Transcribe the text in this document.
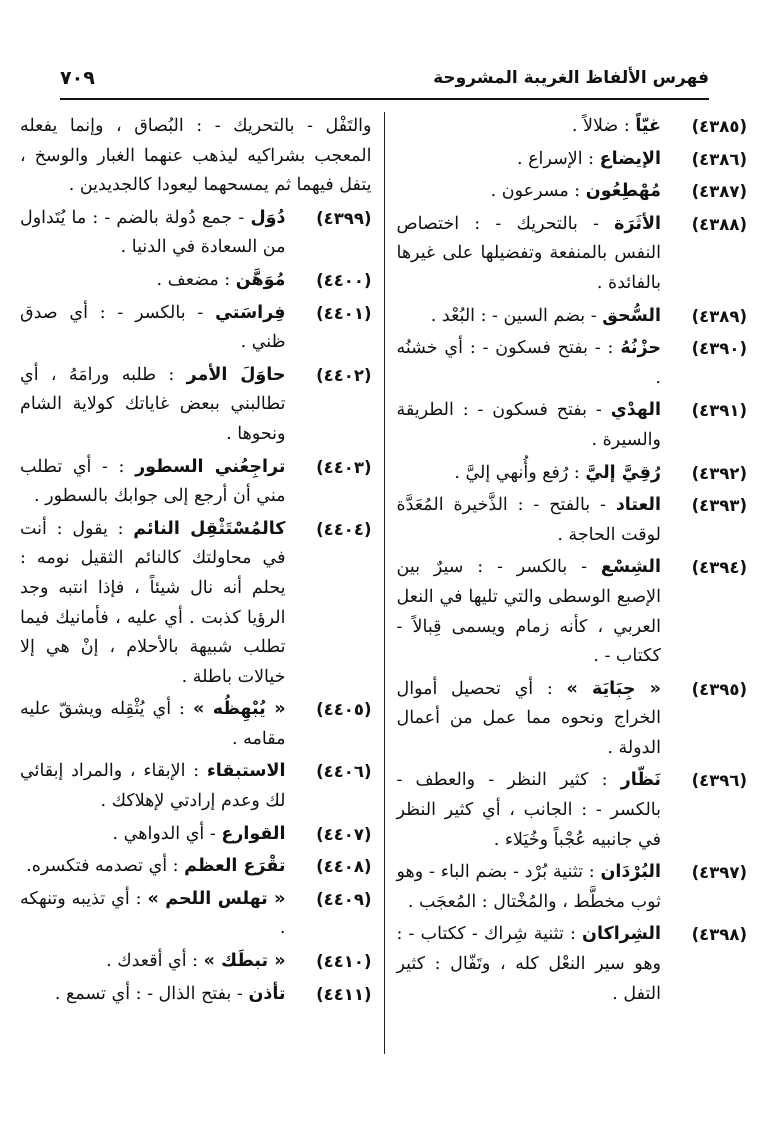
فهرس الألفاظ الغريبة المشروحة
٧٠٩
(٤٣٨٥)
غيّاً : ضلالاً .
(٤٣٨٦)
الإيضاع : الإسراع .
(٤٣٨٧)
مُهْطِعُون : مسرعون .
(٤٣٨٨)
الأثَرَة - بالتحريك - : اختصاص النفس بالمنفعة وتفضيلها على غيرها بالفائدة .
(٤٣٨٩)
السُّحق - بضم السين - : البُعْد .
(٤٣٩٠)
حزْنُهُ : - بفتح فسكون - : أي خشنُه .
(٤٣٩١)
الهدْي - بفتح فسكون - : الطريقة والسيرة .
(٤٣٩٢)
رُقِيَّ إليَّ : رُفع وأُنهي إليَّ .
(٤٣٩٣)
العتاد - بالفتح - : الذَّخيرة المُعَدَّة لوقت الحاجة .
(٤٣٩٤)
الشِسْع - بالكسر - : سيرٌ بين الإصبع الوسطى والتي تليها في النعل العربي ، كأنه زمام ويسمى قِبالاً - ككتاب - .
(٤٣٩٥)
« جِبَايَة » : أي تحصيل أموال الخراج ونحوه مما عمل من أعمال الدولة .
(٤٣٩٦)
نَظّار : كثير النظر - والعطف - بالكسر - : الجانب ، أي كثير النظر في جانبيه عُجْباً وخُيَلاء .
(٤٣٩٧)
البُرْدَان : تثنية بُرْد - بضم الباء - وهو ثوب مخطَّط ، والمُخْتال : المُعجَب .
(٤٣٩٨)
الشِراكان : تثنية شِراك - ككتاب - : وهو سير النعْل كله ، وتَفّال : كثير التفل .
والتَفْل - بالتحريك - : البُصاق ، وإنما يفعله المعجب بشراكيه ليذهب عنهما الغبار والوسخ ، يتفل فيهما ثم يمسحهما ليعودا كالجديدين .
(٤٣٩٩)
دُوَل - جمع دُولة بالضم - : ما يُتَداول من السعادة في الدنيا .
(٤٤٠٠)
مُوَهَّن : مضعف .
(٤٤٠١)
فِراسَتي - بالكسر - : أي صدق ظني .
(٤٤٠٢)
حاوَلَ الأمر : طلبه ورامَهُ ، أي تطالبني ببعض غاياتك كولاية الشام ونحوها .
(٤٤٠٣)
تراجِعُني السطور : - أي تطلب مني أن أرجع إلى جوابك بالسطور .
(٤٤٠٤)
كالمُسْتَثْقِل النائم : يقول : أنت في محاولتك كالنائم الثقيل نومه : يحلم أنه نال شيئاً ، فإذا انتبه وجد الرؤيا كذبت . أي عليه ، فأمانيك فيما تطلب شبيهة بالأحلام ، إنْ هي إلا خيالات باطلة .
(٤٤٠٥)
« يُبْهِظُه » : أي يُثْقِله ويشقّ عليه مقامه .
(٤٤٠٦)
الاستبقاء : الإبقاء ، والمراد إبقائي لك وعدم إرادتي لإهلاكك .
(٤٤٠٧)
القوارع - أي الدواهي .
(٤٤٠٨)
تقْرَع العظم : أي تصدمه فتكسره.
(٤٤٠٩)
« تهلس اللحم » : أي تذيبه وتنهكه .
(٤٤١٠)
« تبطَك » : أي أقعدك .
(٤٤١١)
تأذن - بفتح الذال - : أي تسمع .
